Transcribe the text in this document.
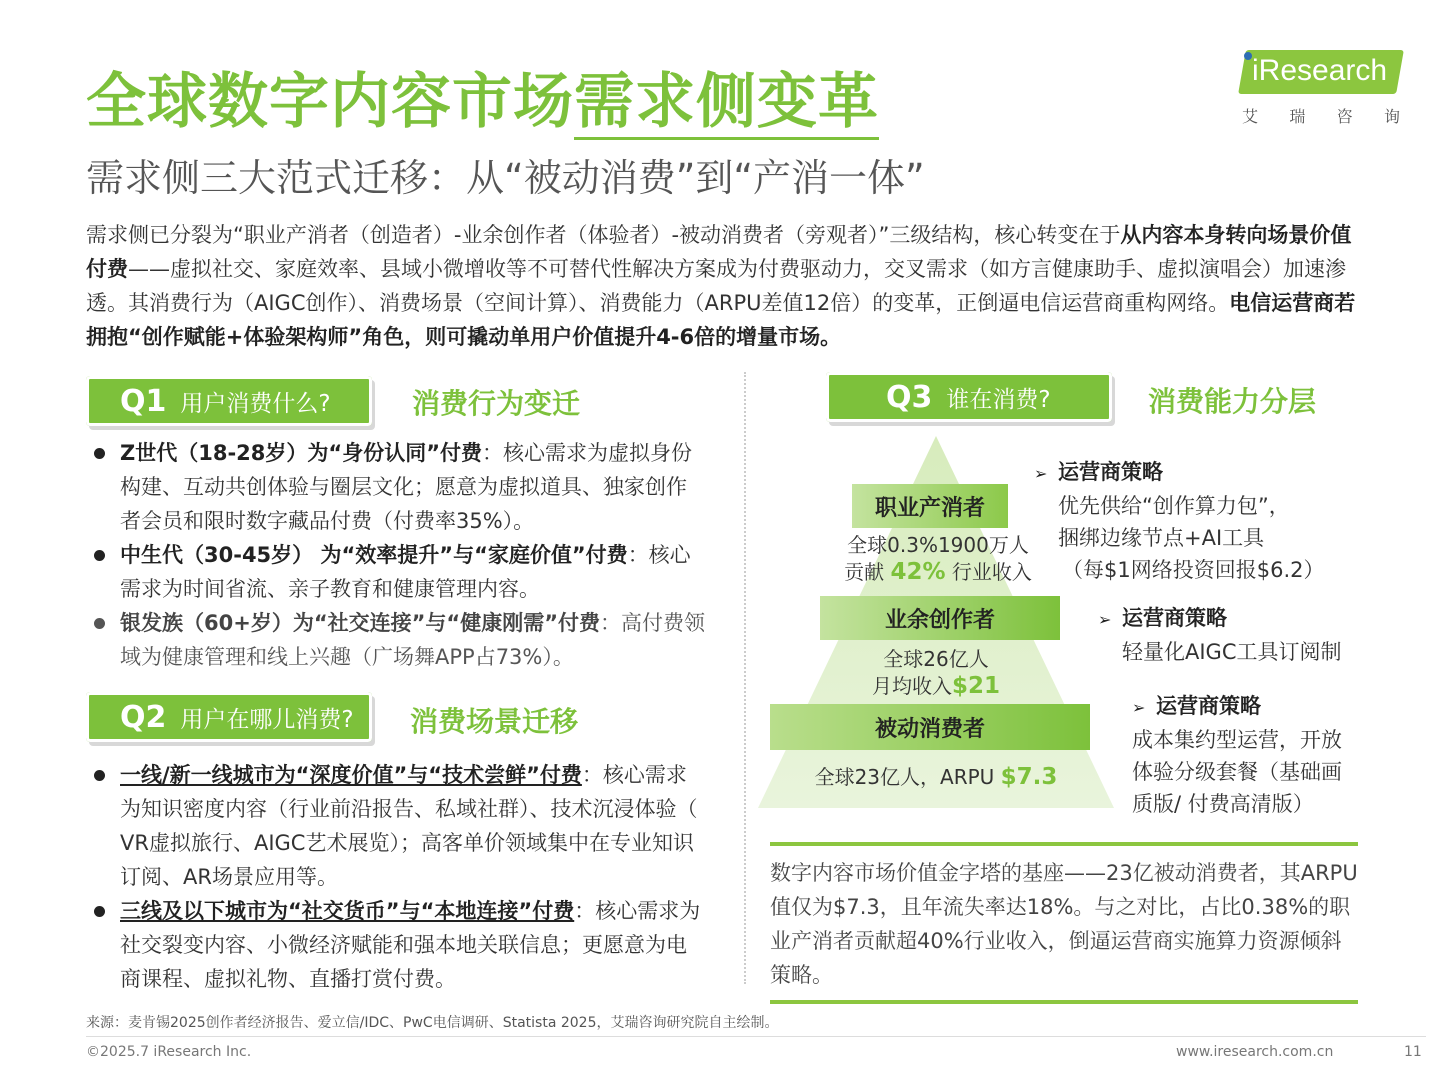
全球数字内容市场需求侧变革
需求侧三大范式迁移：从“被动消费”到“产消一体”
iResearch
艾 瑞 咨 询
需求侧已分裂为“职业产消者（创造者）-业余创作者（体验者）-被动消费者（旁观者）”三级结构，核心转变在于从内容本身转向场景价值付费——虚拟社交、家庭效率、县域小微增收等不可替代性解决方案成为付费驱动力，交叉需求（如方言健康助手、虚拟演唱会）加速渗透。其消费行为（AIGC创作）、消费场景（空间计算）、消费能力（ARPU差值12倍）的变革，正倒逼电信运营商重构网络。电信运营商若拥抱“创作赋能+体验架构师”角色，则可撬动单用户价值提升4-6倍的增量市场。
Q1 用户消费什么?	消费行为变迁
Z世代（18-28岁）为“身份认同”付费：核心需求为虚拟身份构建、互动共创体验与圈层文化；愿意为虚拟道具、独家创作者会员和限时数字藏品付费（付费率35%）。
中生代（30-45岁） 为“效率提升”与“家庭价值”付费：核心需求为时间省流、亲子教育和健康管理内容。
银发族（60+岁）为“社交连接”与“健康刚需”付费：高付费领域为健康管理和线上兴趣（广场舞APP占73%）。
Q2 用户在哪儿消费? 消费场景迁移
一线/新一线城市为“深度价值”与“技术尝鲜”付费：核心需求为知识密度内容（行业前沿报告、私域社群）、技术沉浸体验（ VR虚拟旅行、AIGC艺术展览）；高客单价领域集中在专业知识订阅、AR场景应用等。
三线及以下城市为“社交货币”与“本地连接”付费：核心需求为社交裂变内容、小微经济赋能和强本地关联信息；更愿意为电商课程、虚拟礼物、直播打赏付费。
Q3 谁在消费?	消费能力分层
职业产消者
全球0.3%1900万人
贡献 42% 行业收入
业余创作者
全球26亿人
月均收入$21
被动消费者
全球23亿人，ARPU $7.3
➢ 运营商策略
优先供给“创作算力包”，
捆绑边缘节点+AI工具
（每$1网络投资回报$6.2）
➢ 运营商策略
轻量化AIGC工具订阅制
➢ 运营商策略
成本集约型运营，开放
体验分级套餐（基础画
质版/ 付费高清版）
数字内容市场价值金字塔的基座——23亿被动消费者，其ARPU值仅为$7.3，且年流失率达18%。与之对比，占比0.38%的职业产消者贡献超40%行业收入，倒逼运营商实施算力资源倾斜策略。
来源：麦肯锡2025创作者经济报告、爱立信/IDC、PwC电信调研、Statista 2025，艾瑞咨询研究院自主绘制。
©2025.7 iResearch Inc.	www.iresearch.com.cn	11
